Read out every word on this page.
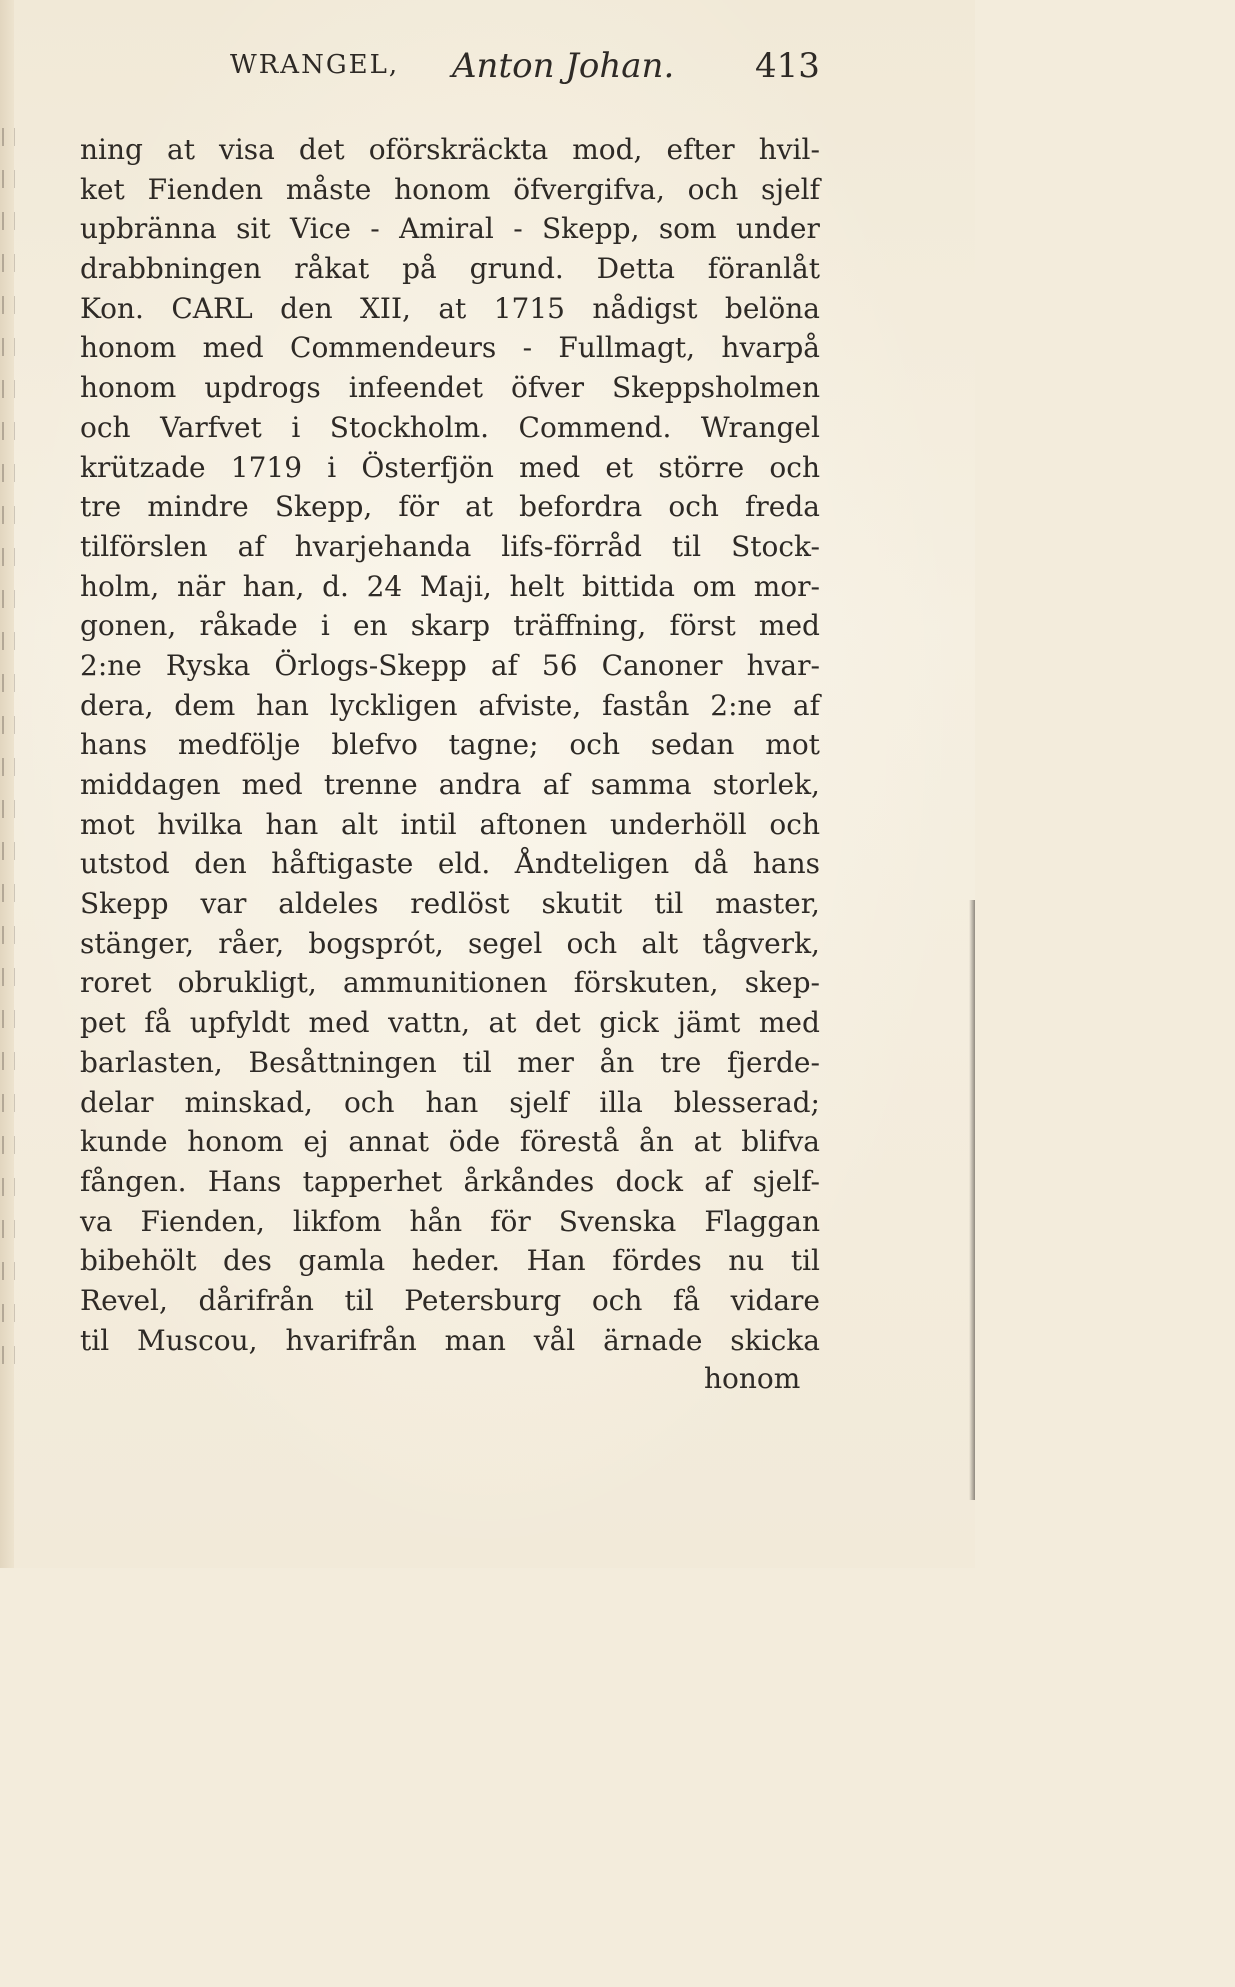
WRANGEL, Anton Johan. 413
ning at visa det oförskräckta mod, efter hvil-
ket Fienden måste honom öfvergifva, och sjelf
upbränna sit Vice - Amiral - Skepp, som under
drabbningen råkat på grund. Detta föranlåt
Kon. CARL den XII, at 1715 nådigst belöna
honom med Commendeurs - Fullmagt, hvarpå
honom updrogs infeendet öfver Skeppsholmen
och Varfvet i Stockholm. Commend. Wrangel
krützade 1719 i Österfjön med et större och
tre mindre Skepp, för at befordra och freda
tilförslen af hvarjehanda lifs-förråd til Stock-
holm, när han, d. 24 Maji, helt bittida om mor-
gonen, råkade i en skarp träffning, först med
2:ne Ryska Örlogs-Skepp af 56 Canoner hvar-
dera, dem han lyckligen afviste, fastån 2:ne af
hans medfölje blefvo tagne; och sedan mot
middagen med trenne andra af samma storlek,
mot hvilka han alt intil aftonen underhöll och
utstod den håftigaste eld. Åndteligen då hans
Skepp var aldeles redlöst skutit til master,
stänger, råer, bogsprót, segel och alt tågverk,
roret obrukligt, ammunitionen förskuten, skep-
pet få upfyldt med vattn, at det gick jämt med
barlasten, Besåttningen til mer ån tre fjerde-
delar minskad, och han sjelf illa blesserad;
kunde honom ej annat öde förestå ån at blifva
fången. Hans tapperhet årkåndes dock af sjelf-
va Fienden, likfom hån för Svenska Flaggan
bibehölt des gamla heder. Han fördes nu til
Revel, dårifrån til Petersburg och få vidare
til Muscou, hvarifrån man vål ärnade skicka
honom
